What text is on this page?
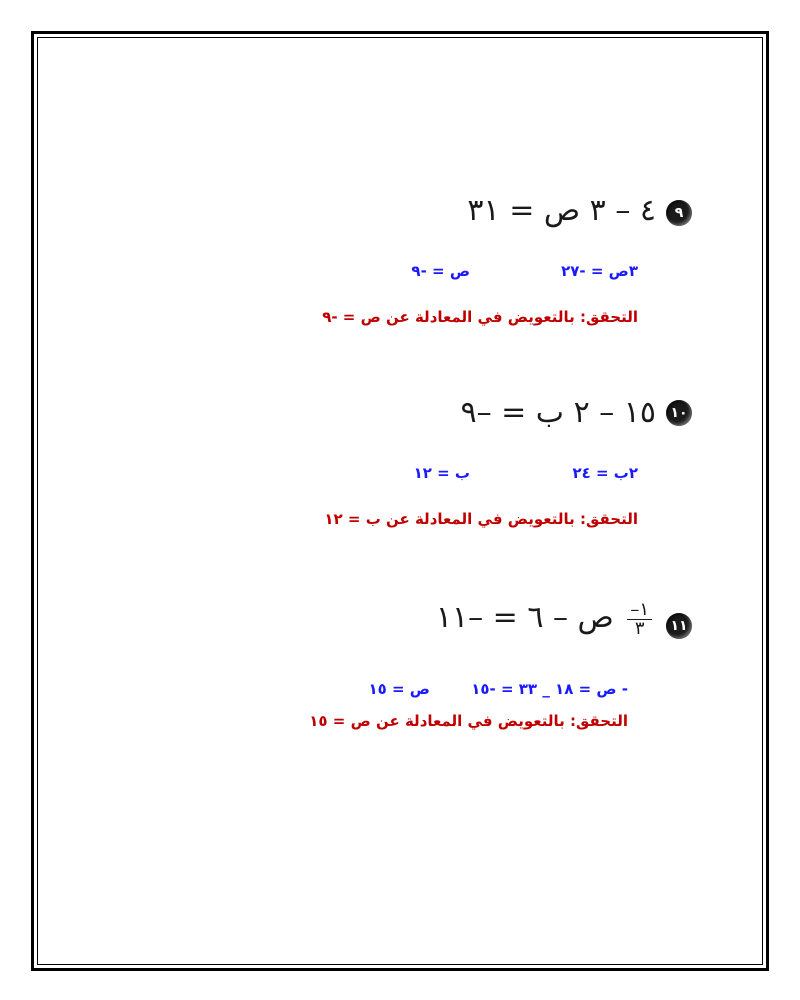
٩
٤ – ٣ ص = ٣١
٣ص = -٢٧
ص = -٩
التحقق: بالتعويض في المعادلة عن ص = -٩
١٠
١٥ – ٢ ب = –٩
٢ب = ٢٤
ب = ١٢
التحقق: بالتعويض في المعادلة عن ب = ١٢
١١
$\frac{١-}{٣}$
ص – ٦ = –١١
- ص = ١٨ _ ٣٣ = -١٥
ص = ١٥
التحقق: بالتعويض في المعادلة عن ص = ١٥
